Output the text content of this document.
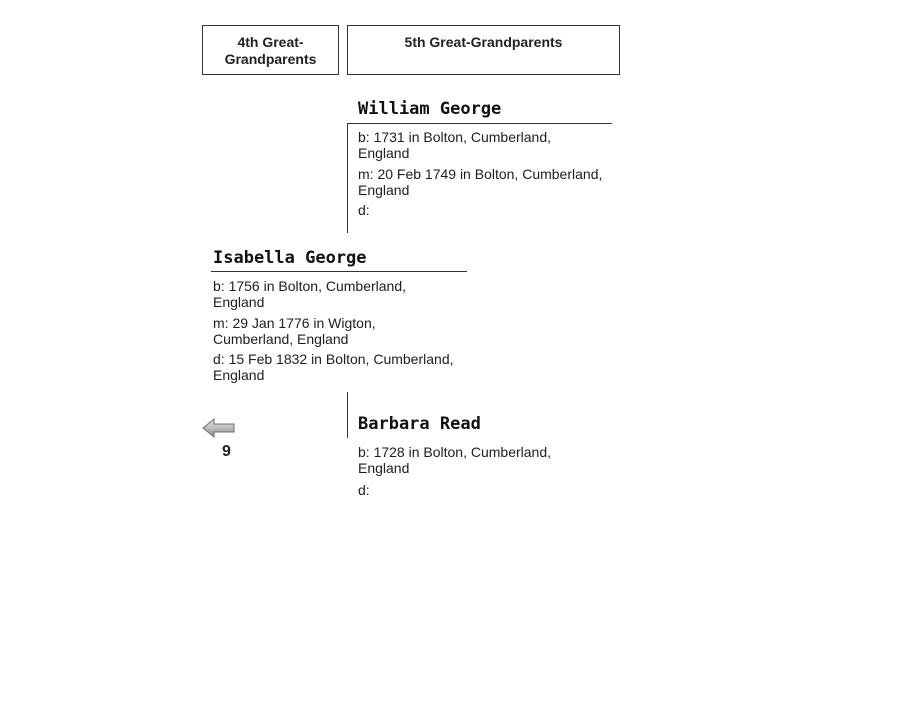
4th Great-Grandparents
5th Great-Grandparents
William George
b: 1731 in Bolton, Cumberland, England
m: 20 Feb 1749 in Bolton, Cumberland, England
d:
Isabella George
b: 1756 in Bolton, Cumberland, England
m: 29 Jan 1776 in Wigton, Cumberland, England
d: 15 Feb 1832 in Bolton, Cumberland, England
Barbara Read
b: 1728 in Bolton, Cumberland, England
d:
9
